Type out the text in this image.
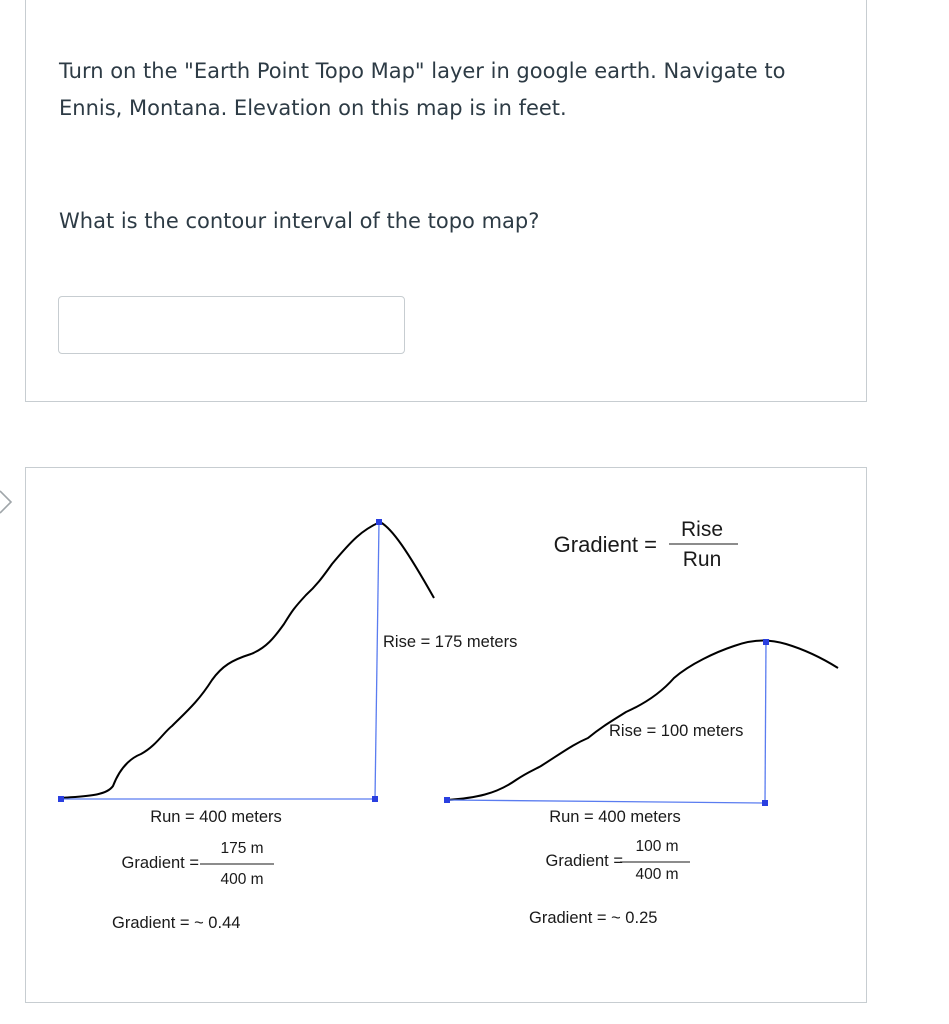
Turn on the "Earth Point Topo Map" layer in google earth. Navigate to Ennis, Montana. Elevation on this map is in feet.

What is the contour interval of the topo map?

Gradient =
Rise
Run
Rise = 175 meters
Run = 400 meters
Gradient =
175 m
400 m
Gradient = ~ 0.44
Rise = 100 meters
Run = 400 meters
Gradient =
100 m
400 m
Gradient = ~ 0.25
